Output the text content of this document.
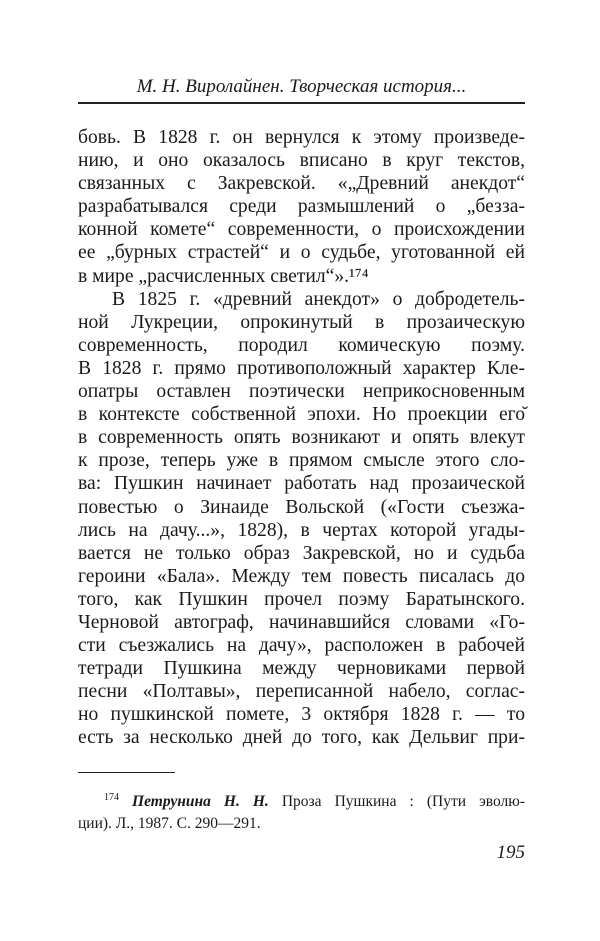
М. Н. Виролайнен. Творческая история...
бовь. В 1828 г. он вернулся к этому произведе-
нию, и оно оказалось вписано в круг текстов,
связанных с Закревской. «„Древний анекдот“
разрабатывался среди размышлений о „безза-
конной комете“ современности, о происхождении
ее „бурных страстей“ и о судьбе, уготованной ей
в мире „расчисленных светил“».¹⁷⁴
В 1825 г. «древний анекдот» о добродетель-
ной Лукреции, опрокинутый в прозаическую
современность, породил комическую поэму.
В 1828 г. прямо противоположный характер Кле-
опатры оставлен поэтически неприкосновенным
в контексте собственной эпохи. Но проекции его̆
в современность опять возникают и опять влекут
к прозе, теперь уже в прямом смысле этого сло-
ва: Пушкин начинает работать над прозаической
повестью о Зинаиде Вольской («Гости съезжа-
лись на дачу...», 1828), в чертах которой угады-
вается не только образ Закревской, но и судьба
героини «Бала». Между тем повесть писалась до
того, как Пушкин прочел поэму Баратынского.
Черновой автограф, начинавшийся словами «Го-
сти съезжались на дачу», расположен в рабочей
тетради Пушкина между черновиками первой
песни «Полтавы», переписанной набело, соглас-
но пушкинской помете, 3 октября 1828 г. — то
есть за несколько дней до того, как Дельвиг при-
$^{174}$ Петрунина Н. Н. Проза Пушкина : (Пути эволю-
ции). Л., 1987. С. 290—291.
195
